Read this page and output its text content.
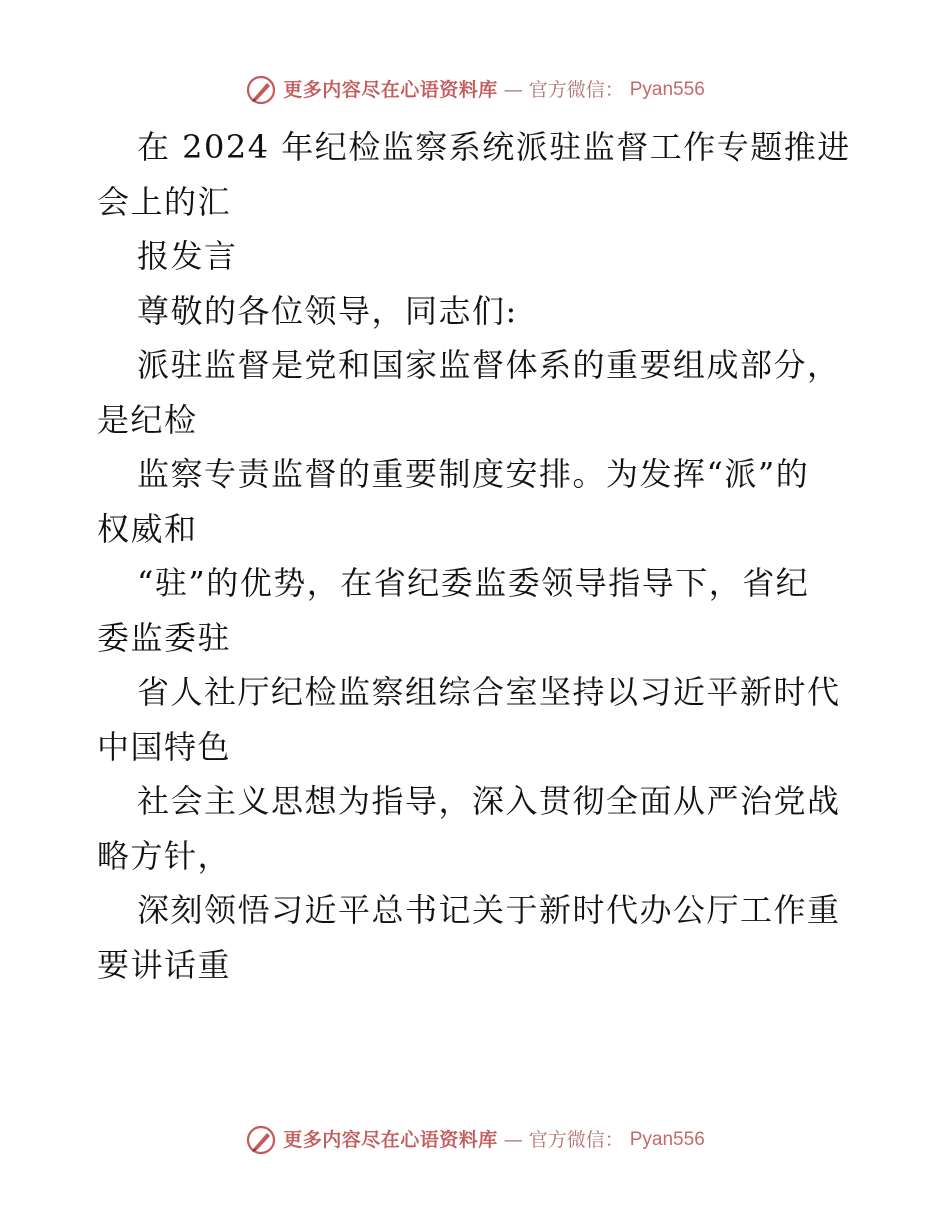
更多内容尽在心语资料库 — 官方微信： Pyan556
在 2024 年纪检监察系统派驻监督工作专题推进
会上的汇
报发言
尊敬的各位领导，同志们:
派驻监督是党和国家监督体系的重要组成部分，
是纪检
监察专责监督的重要制度安排。为发挥“派”的
权威和
“驻”的优势，在省纪委监委领导指导下，省纪
委监委驻
省人社厅纪检监察组综合室坚持以习近平新时代
中国特色
社会主义思想为指导，深入贯彻全面从严治党战
略方针，
深刻领悟习近平总书记关于新时代办公厅工作重
要讲话重
更多内容尽在心语资料库 — 官方微信： Pyan556
